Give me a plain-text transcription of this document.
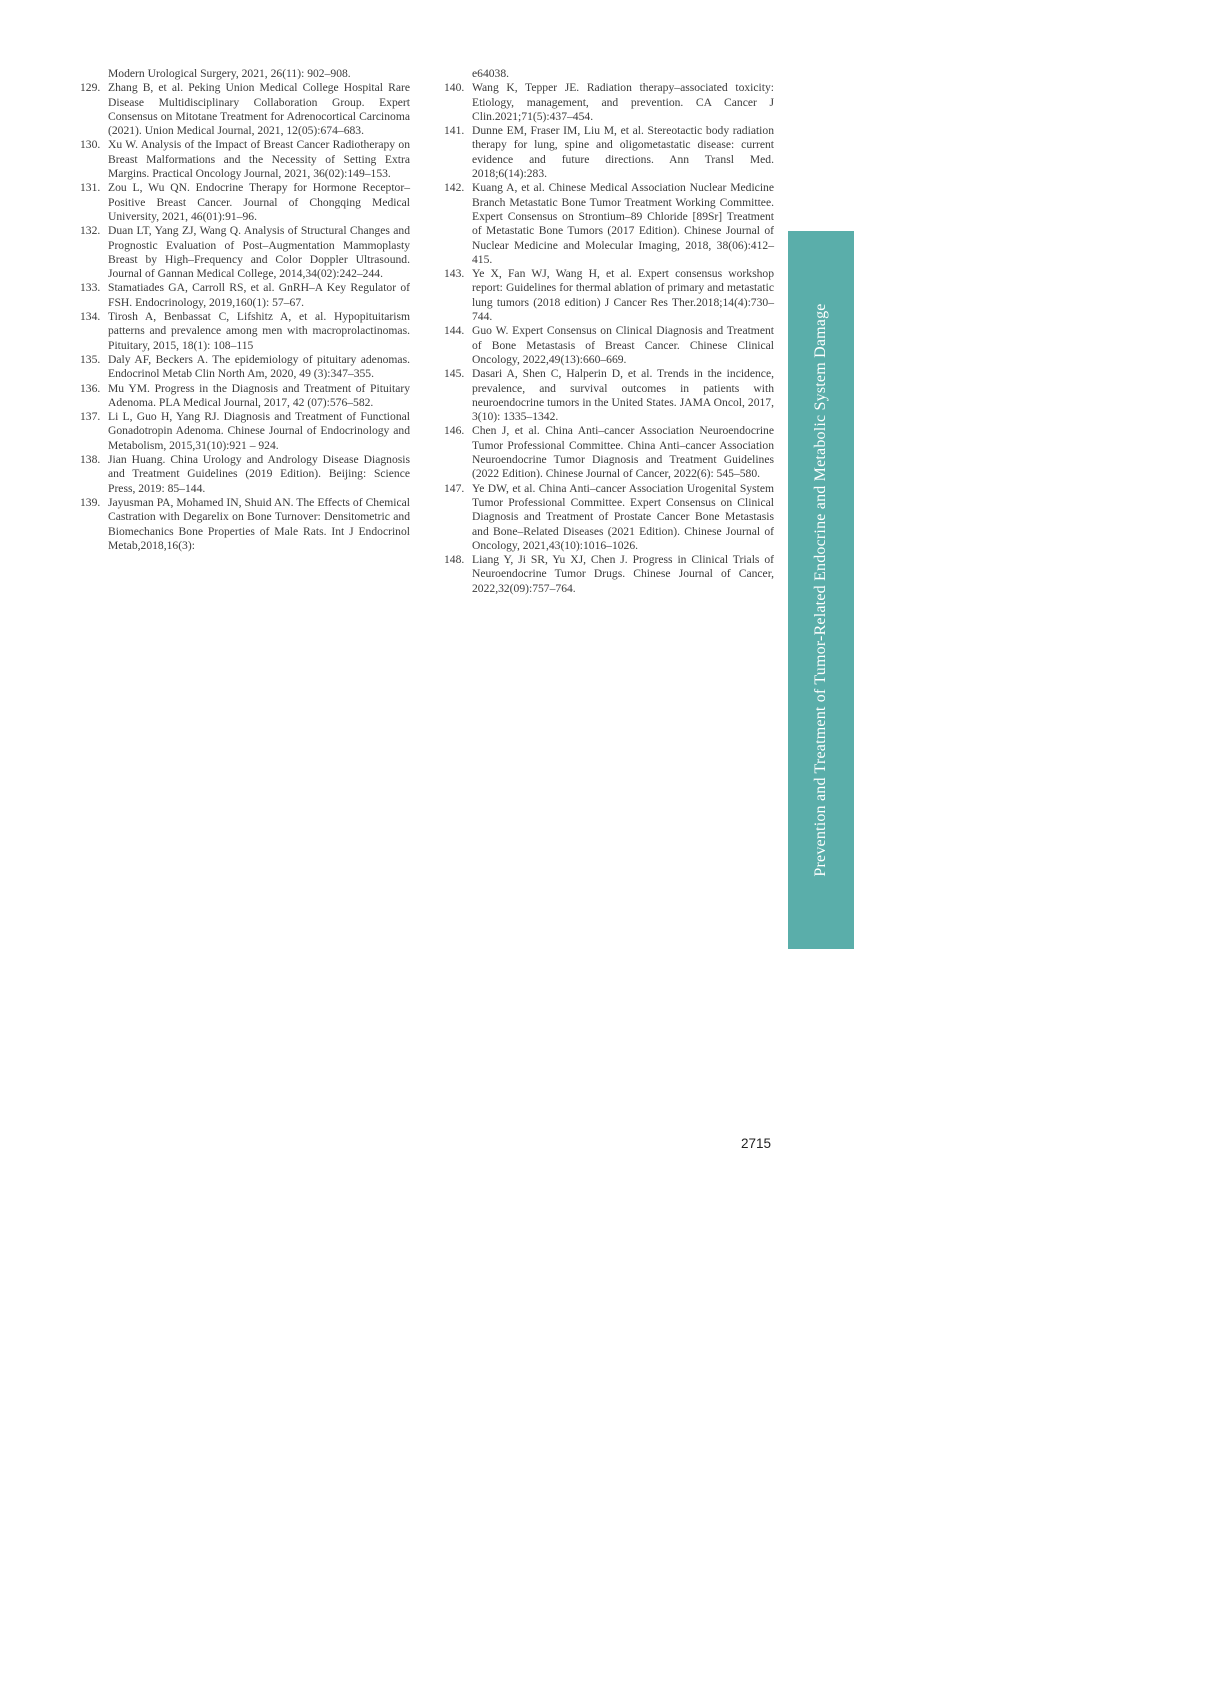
Modern Urological Surgery, 2021, 26(11): 902–908.
129. Zhang B, et al. Peking Union Medical College Hospital Rare Disease Multidisciplinary Collaboration Group. Expert Consensus on Mitotane Treatment for Adrenocortical Carcinoma (2021). Union Medical Journal, 2021, 12(05):674–683.
130. Xu W. Analysis of the Impact of Breast Cancer Radiotherapy on Breast Malformations and the Necessity of Setting Extra Margins. Practical Oncology Journal, 2021, 36(02):149–153.
131. Zou L, Wu QN. Endocrine Therapy for Hormone Receptor–Positive Breast Cancer. Journal of Chongqing Medical University, 2021, 46(01):91–96.
132. Duan LT, Yang ZJ, Wang Q. Analysis of Structural Changes and Prognostic Evaluation of Post–Augmentation Mammoplasty Breast by High–Frequency and Color Doppler Ultrasound. Journal of Gannan Medical College, 2014,34(02):242–244.
133. Stamatiades GA, Carroll RS, et al. GnRH–A Key Regulator of FSH. Endocrinology, 2019,160(1): 57–67.
134. Tirosh A, Benbassat C, Lifshitz A, et al. Hypopituitarism patterns and prevalence among men with macroprolactinomas. Pituitary, 2015, 18(1): 108–115
135. Daly AF, Beckers A. The epidemiology of pituitary adenomas. Endocrinol Metab Clin North Am, 2020, 49 (3):347–355.
136. Mu YM. Progress in the Diagnosis and Treatment of Pituitary Adenoma. PLA Medical Journal, 2017, 42 (07):576–582.
137. Li L, Guo H, Yang RJ. Diagnosis and Treatment of Functional Gonadotropin Adenoma. Chinese Journal of Endocrinology and Metabolism, 2015,31(10):921 – 924.
138. Jian Huang. China Urology and Andrology Disease Diagnosis and Treatment Guidelines (2019 Edition). Beijing: Science Press, 2019: 85–144.
139. Jayusman PA, Mohamed IN, Shuid AN. The Effects of Chemical Castration with Degarelix on Bone Turnover: Densitometric and Biomechanics Bone Properties of Male Rats. Int J Endocrinol Metab,2018,16(3):
e64038.
140. Wang K, Tepper JE. Radiation therapy–associated toxicity: Etiology, management, and prevention. CA Cancer J Clin.2021;71(5):437–454.
141. Dunne EM, Fraser IM, Liu M, et al. Stereotactic body radiation therapy for lung, spine and oligometastatic disease: current evidence and future directions. Ann Transl Med. 2018;6(14):283.
142. Kuang A, et al. Chinese Medical Association Nuclear Medicine Branch Metastatic Bone Tumor Treatment Working Committee. Expert Consensus on Strontium–89 Chloride [89Sr] Treatment of Metastatic Bone Tumors (2017 Edition). Chinese Journal of Nuclear Medicine and Molecular Imaging, 2018, 38(06):412–415.
143. Ye X, Fan WJ, Wang H, et al. Expert consensus workshop report: Guidelines for thermal ablation of primary and metastatic lung tumors (2018 edition) J Cancer Res Ther.2018;14(4):730–744.
144. Guo W. Expert Consensus on Clinical Diagnosis and Treatment of Bone Metastasis of Breast Cancer. Chinese Clinical Oncology, 2022,49(13):660–669.
145. Dasari A, Shen C, Halperin D, et al. Trends in the incidence, prevalence, and survival outcomes in patients with neuroendocrine tumors in the United States. JAMA Oncol, 2017, 3(10): 1335–1342.
146. Chen J, et al. China Anti–cancer Association Neuroendocrine Tumor Professional Committee. China Anti–cancer Association Neuroendocrine Tumor Diagnosis and Treatment Guidelines (2022 Edition). Chinese Journal of Cancer, 2022(6): 545–580.
147. Ye DW, et al. China Anti–cancer Association Urogenital System Tumor Professional Committee. Expert Consensus on Clinical Diagnosis and Treatment of Prostate Cancer Bone Metastasis and Bone–Related Diseases (2021 Edition). Chinese Journal of Oncology, 2021,43(10):1016–1026.
148. Liang Y, Ji SR, Yu XJ, Chen J. Progress in Clinical Trials of Neuroendocrine Tumor Drugs. Chinese Journal of Cancer, 2022,32(09):757–764.	Prevention and Treatment of Tumor-Related Endocrine and Metabolic System Damage
2715
